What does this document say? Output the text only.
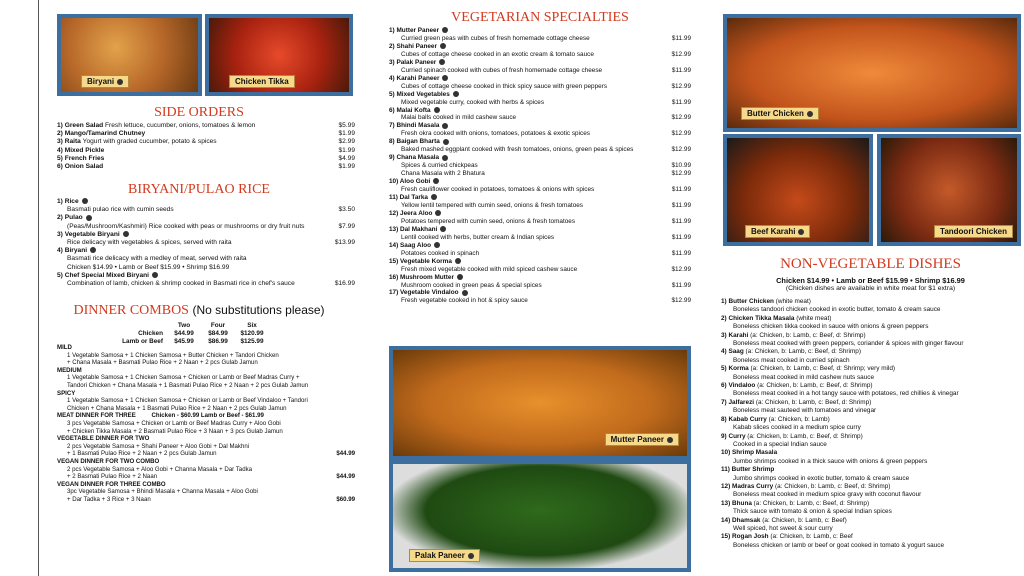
Biryani	Chicken Tikka
SIDE ORDERS
1) Green Salad Fresh lettuce, cucumber, onions, tomatoes & lemon	$5.99
2) Mango/Tamarind Chutney	$1.99
3) Raita Yogurt with graded cucumber, potato & spices	$2.99
4) Mixed Pickle	$1.99
5) French Fries	$4.99
6) Onion Salad	$1.99
BIRYANI/PULAO RICE
1) Rice
Basmati pulao rice with cumin seeds	$3.50
2) Pulao
(Peas/Mushroom/Kashmiri) Rice cooked with peas or mushrooms or dry fruit nuts	$7.99
3) Vegetable Biryani
Rice delicacy with vegetables & spices, served with raita	$13.99
4) Biryani
Basmati rice delicacy with a medley of meat, served with raita
Chicken $14.99 • Lamb or Beef $15.99 • Shrimp $16.99
5) Chef Special Mixed Biryani
Combination of lamb, chicken & shrimp cooked in Basmati rice in chef's sauce	$16.99
DINNER COMBOS (No substitutions please)
Two	Four	Six
Chicken $44.99 $84.99 $120.99
Lamb or Beef $45.99 $86.99 $125.99
MILD
1 Vegetable Samosa + 1 Chicken Samosa + Butter Chicken + Tandori Chicken
+ Chana Masala + Basmati Pulao Rice + 2 Naan + 2 pcs Gulab Jamun
MEDIUM
1 Vegetable Samosa + 1 Chicken Samosa + Chicken or Lamb or Beef Madras Curry +
Tandori Chicken + Chana Masala + 1 Basmati Pulao Rice + 2 Naan + 2 pcs Gulab Jamun
SPICY
1 Vegetable Samosa + 1 Chicken Samosa + Chicken or Lamb or Beef Vindaloo + Tandori
Chicken + Chana Masala + 1 Basmati Pulao Rice + 2 Naan + 2 pcs Gulab Jamun
MEAT DINNER FOR THREE Chicken - $60.99 Lamb or Beef - $61.99
3 pcs Vegetable Samosa + Chicken or Lamb or Beef Madras Curry + Aloo Gobi
+ Chicken Tikka Masala + 2 Basmati Pulao Rice + 3 Naan + 3 pcs Gulab Jamun
VEGETABLE DINNER FOR TWO
2 pcs Vegetable Samosa + Shahi Paneer + Aloo Gobi + Dal Makhni
+ 1 Basmati Pulao Rice + 2 Naan + 2 pcs Gulab Jamun	$44.99
VEGAN DINNER FOR TWO COMBO
2 pcs Vegetable Samosa + Aloo Gobi + Channa Masala + Dar Tadka
+ 2 Basmati Pulao Rice + 2 Naan	$44.99
VEGAN DINNER FOR THREE COMBO
3pc Vegetable Samosa + Bhindi Masala + Channa Masala + Aloo Gobi
+ Dar Tadka + 3 Rice + 3 Naan	$60.99
VEGETARIAN SPECIALTIES
1) Mutter Paneer
Curried green peas with cubes of fresh homemade cottage cheese	$11.99
2) Shahi Paneer
Cubes of cottage cheese cooked in an exotic cream & tomato sauce	$12.99
3) Palak Paneer
Curried spinach cooked with cubes of fresh homemade cottage cheese	$11.99
4) Karahi Paneer
Cubes of cottage cheese cooked in thick spicy sauce with green peppers	$12.99
5) Mixed Vegetables
Mixed vegetable curry, cooked with herbs & spices	$11.99
6) Malai Kofta
Malai balls cooked in mild cashew sauce	$12.99
7) Bhindi Masala
Fresh okra cooked with onions, tomatoes, potatoes & exotic spices	$12.99
8) Baigan Bharta
Baked mashed eggplant cooked with fresh tomatoes, onions, green peas & spices	$12.99
9) Chana Masala
Spices & curried chickpeas	$10.99
Chana Masala with 2 Bhatura	$12.99
10) Aloo Gobi
Fresh cauliflower cooked in potatoes, tomatoes & onions with spices	$11.99
11) Dal Tarka
Yellow lentil tempered with cumin seed, onions & fresh tomatoes	$11.99
12) Jeera Aloo
Potatoes tempered with cumin seed, onions & fresh tomatoes	$11.99
13) Dal Makhani
Lentil cooked with herbs, butter cream & Indian spices	$11.99
14) Saag Aloo
Potatoes cooked in spinach	$11.99
15) Vegetable Korma
Fresh mixed vegetable cooked with mild spiced cashew sauce	$12.99
16) Mushroom Mutter
Mushroom cooked in green peas & special spices	$11.99
17) Vegetable Vindaloo
Fresh vegetable cooked in hot & spicy sauce	$12.99
Mutter Paneer
Palak Paneer
Butter Chicken
Beef Karahi	Tandoori Chicken
NON-VEGETABLE DISHES
Chicken $14.99 • Lamb or Beef $15.99 • Shrimp $16.99
(Chicken dishes are available in white meat for $1 extra)
1) Butter Chicken (white meat)
Boneless tandoori chicken cooked in exotic butter, tomato & cream sauce
2) Chicken Tikka Masala (white meat)
Boneless chicken tikka cooked in sauce with onions & green peppers
3) Karahi (a: Chicken, b: Lamb, c: Beef, d: Shrimp)
Boneless meat cooked with green peppers, coriander & spices with ginger flavour
4) Saag (a: Chicken, b: Lamb, c: Beef, d: Shrimp)
Boneless meat cooked in curried spinach
5) Korma (a: Chicken, b: Lamb, c: Beef, d: Shrimp; very mild)
Boneless meat cooked in mild cashew nuts sauce
6) Vindaloo (a: Chicken, b: Lamb, c: Beef, d: Shrimp)
Boneless meat cooked in a hot tangy sauce with potatoes, red chillies & vinegar
7) Jalfarezi (a: Chicken, b: Lamb, c: Beef, d: Shrimp)
Boneless meat sauteed with tomatoes and vinegar
8) Kabab Curry (a: Chicken, b: Lamb)
Kabab slices cooked in a medium spice curry
9) Curry (a: Chicken, b: Lamb, c: Beef, d: Shrimp)
Cooked in a special Indian sauce
10) Shrimp Masala
Jumbo shrimps cooked in a thick sauce with onions & green peppers
11) Butter Shrimp
Jumbo shrimps cooked in exotic butter, tomato & cream sauce
12) Madras Curry (a: Chicken, b: Lamb, c: Beef, d: Shrimp)
Boneless meat cooked in medium spice gravy with coconut flavour
13) Bhuna (a: Chicken, b: Lamb, c: Beef, d: Shrimp)
Thick sauce with tomato & onion & special Indian spices
14) Dhamsak (a: Chicken, b: Lamb, c: Beef)
Well spiced, hot sweet & sour curry
15) Rogan Josh (a: Chicken, b: Lamb, c: Beef
Boneless chicken or lamb or beef or goat cooked in tomato & yogurt sauce
